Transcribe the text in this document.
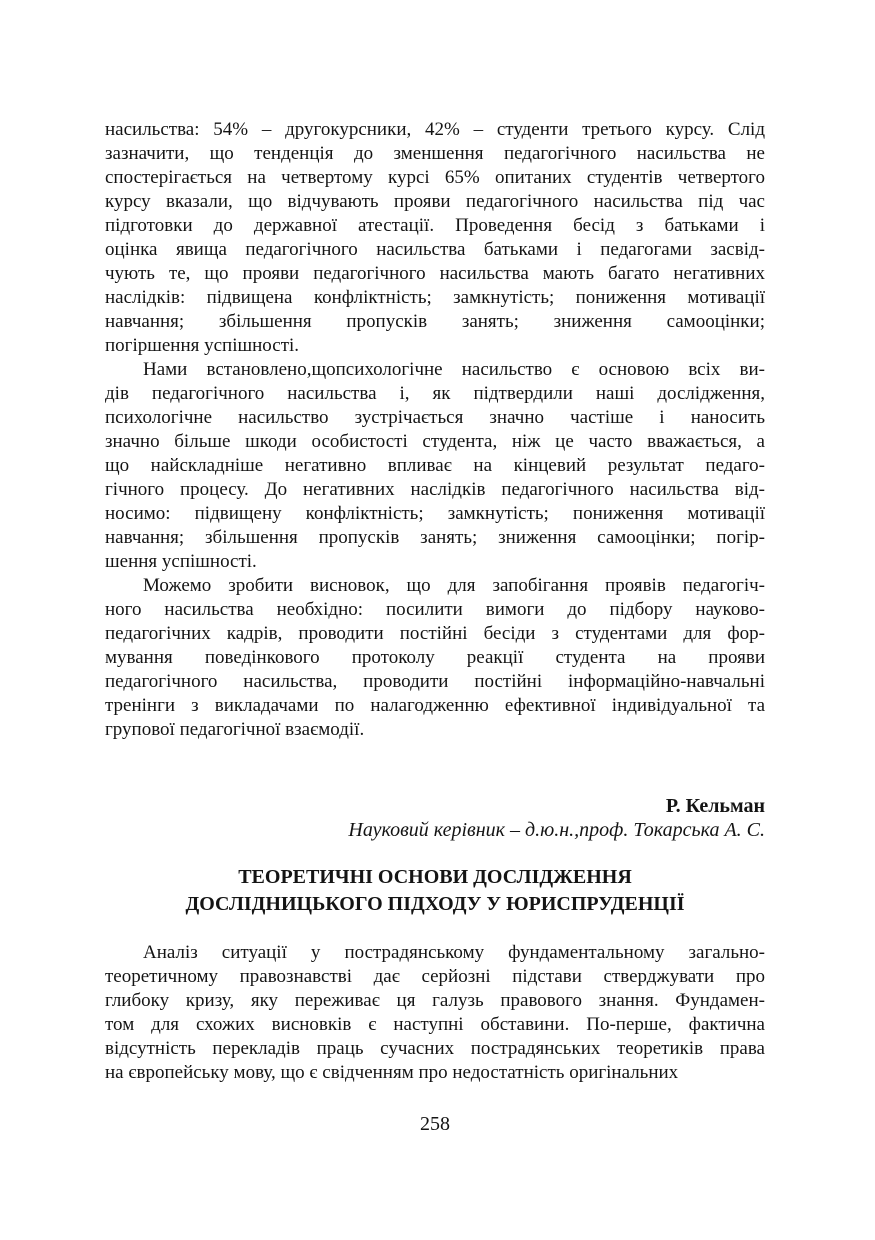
насильства: 54% – другокурсники, 42% – студенти третього курсу. Слід
зазначити, що тенденція до зменшення педагогічного насильства не
спостерігається на четвертому курсі 65% опитаних студентів четвертого
курсу вказали, що відчувають прояви педагогічного насильства під час
підготовки до державної атестації. Проведення бесід з батьками і
оцінка явища педагогічного насильства батьками і педагогами засвід-
чують те, що прояви педагогічного насильства мають багато негативних
наслідків: підвищена конфліктність; замкнутість; пониження мотивації
навчання; збільшення пропусків занять; зниження самооцінки;
погіршення успішності.
Нами встановлено,щопсихологічне насильство є основою всіх ви-
дів педагогічного насильства і, як підтвердили наші дослідження,
психологічне насильство зустрічається значно частіше і наносить
значно більше шкоди особистості студента, ніж це часто вважається, а
що найскладніше негативно впливає на кінцевий результат педаго-
гічного процесу. До негативних наслідків педагогічного насильства від-
носимо: підвищену конфліктність; замкнутість; пониження мотивації
навчання; збільшення пропусків занять; зниження самооцінки; погір-
шення успішності.
Можемо зробити висновок, що для запобігання проявів педагогіч-
ного насильства необхідно: посилити вимоги до підбору науково-
педагогічних кадрів, проводити постійні бесіди з студентами для фор-
мування поведінкового протоколу реакції студента на прояви
педагогічного насильства, проводити постійні інформаційно-навчальні
тренінги з викладачами по налагодженню ефективної індивідуальної та
групової педагогічної взаємодії.
Р. Кельман
Науковий керівник – д.ю.н.,проф. Токарська А. С.
ТЕОРЕТИЧНІ ОСНОВИ ДОСЛІДЖЕННЯ
ДОСЛІДНИЦЬКОГО ПІДХОДУ У ЮРИСПРУДЕНЦІЇ
Аналіз ситуації у пострадянському фундаментальному загально-
теоретичному правознавстві дає серйозні підстави стверджувати про
глибоку кризу, яку переживає ця галузь правового знання. Фундамен-
том для схожих висновків є наступні обставини. По-перше, фактична
відсутність перекладів праць сучасних пострадянських теоретиків права
на європейську мову, що є свідченням про недостатність оригінальних
258
